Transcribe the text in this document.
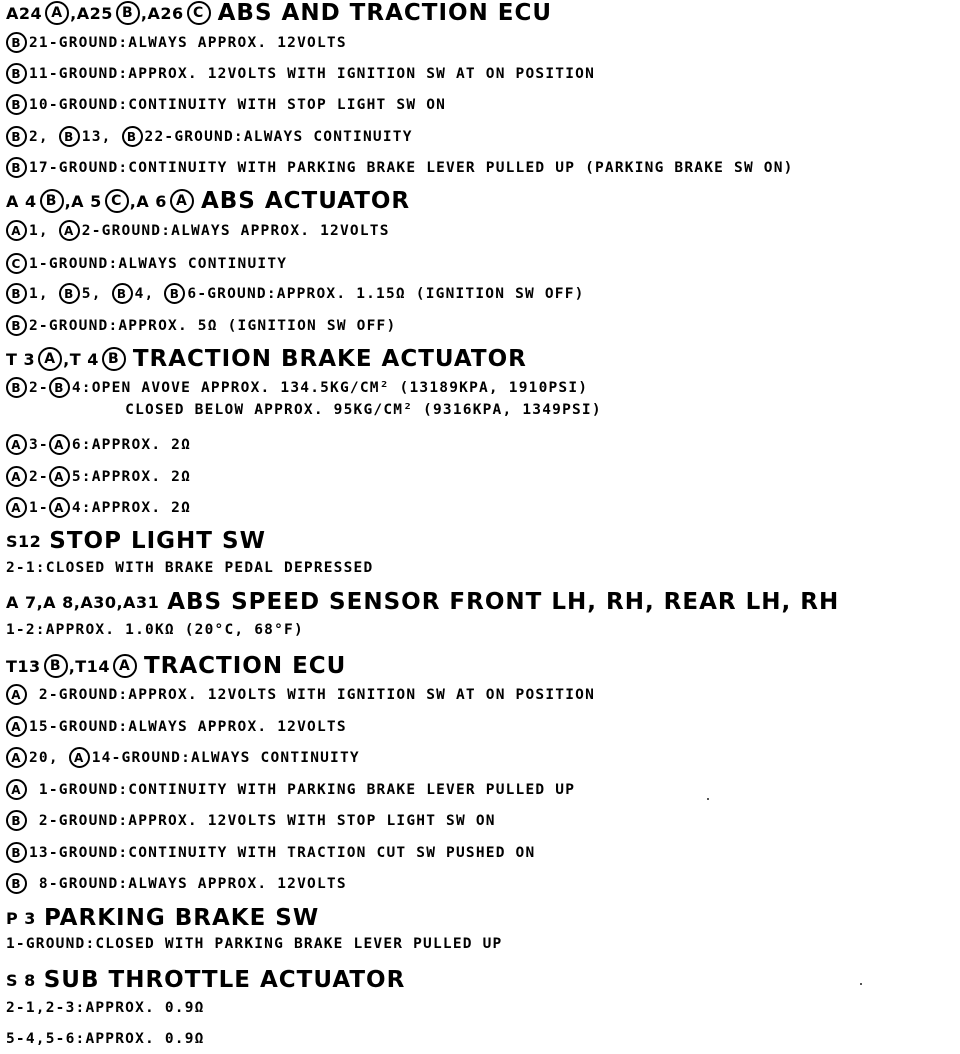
A24 A ,A25 B ,A26 C ABS AND TRACTION ECU
B 21-GROUND:ALWAYS APPROX. 12VOLTS
B 11-GROUND:APPROX. 12VOLTS WITH IGNITION SW AT ON POSITION
B 10-GROUND:CONTINUITY WITH STOP LIGHT SW ON
B 2, B 13, B 22-GROUND:ALWAYS CONTINUITY
B 17-GROUND:CONTINUITY WITH PARKING BRAKE LEVER PULLED UP (PARKING BRAKE SW ON)
A 4 B ,A 5 C ,A 6 A ABS ACTUATOR
A 1, A 2-GROUND:ALWAYS APPROX. 12VOLTS
C 1-GROUND:ALWAYS CONTINUITY
B 1, B 5, B 4, B 6-GROUND:APPROX. 1.15Ω (IGNITION SW OFF)
B 2-GROUND:APPROX. 5Ω (IGNITION SW OFF)
T 3 A ,T 4 B TRACTION BRAKE ACTUATOR
B 2- B 4:OPEN AVOVE APPROX. 134.5KG/CM² (13189KPA, 1910PSI)
CLOSED BELOW APPROX. 95KG/CM² (9316KPA, 1349PSI)
A 3- A 6:APPROX. 2Ω
A 2- A 5:APPROX. 2Ω
A 1- A 4:APPROX. 2Ω
S12 STOP LIGHT SW
2-1:CLOSED WITH BRAKE PEDAL DEPRESSED
A 7,A 8,A30,A31 ABS SPEED SENSOR FRONT LH, RH, REAR LH, RH
1-2:APPROX. 1.0KΩ (20°C, 68°F)
T13 B ,T14 A TRACTION ECU
A 2-GROUND:APPROX. 12VOLTS WITH IGNITION SW AT ON POSITION
A 15-GROUND:ALWAYS APPROX. 12VOLTS
A 20, A 14-GROUND:ALWAYS CONTINUITY
A 1-GROUND:CONTINUITY WITH PARKING BRAKE LEVER PULLED UP
B 2-GROUND:APPROX. 12VOLTS WITH STOP LIGHT SW ON
B 13-GROUND:CONTINUITY WITH TRACTION CUT SW PUSHED ON
B 8-GROUND:ALWAYS APPROX. 12VOLTS
P 3 PARKING BRAKE SW
1-GROUND:CLOSED WITH PARKING BRAKE LEVER PULLED UP
S 8 SUB THROTTLE ACTUATOR
2-1,2-3:APPROX. 0.9Ω
5-4,5-6:APPROX. 0.9Ω
